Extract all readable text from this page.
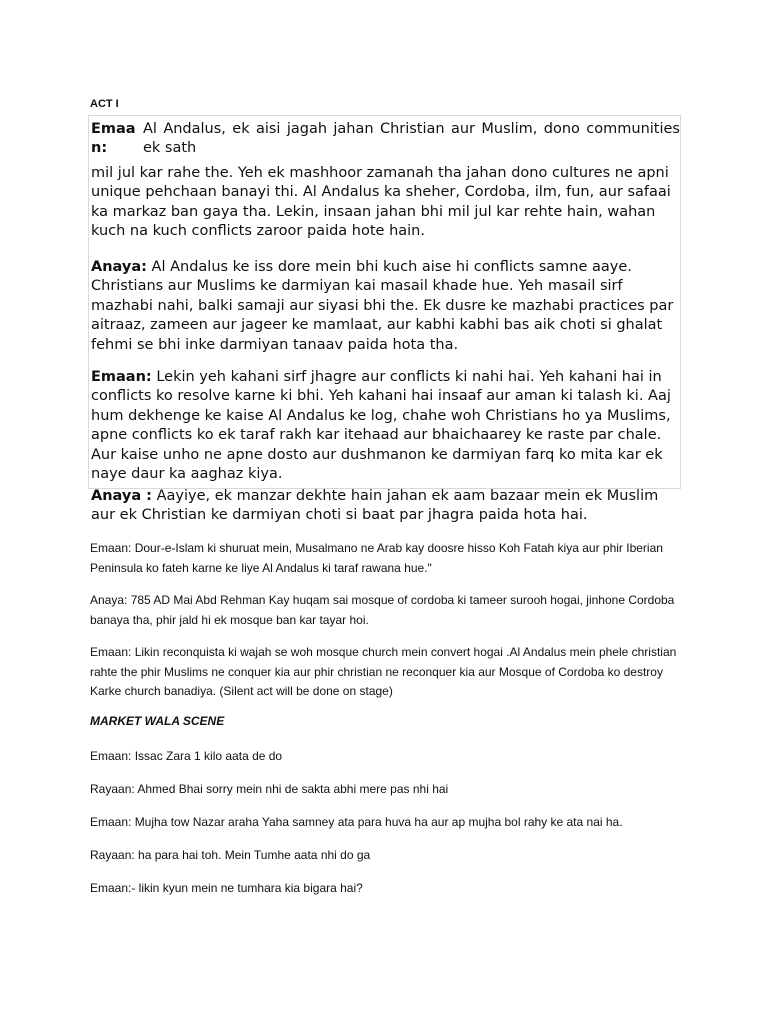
ACT I
Emaa n:
Al Andalus, ek aisi jagah jahan Christian aur Muslim, dono communities ek sath

mil jul kar rahe the. Yeh ek mashhoor zamanah tha jahan dono cultures ne apni unique pehchaan banayi thi. Al Andalus ka sheher, Cordoba, ilm, fun, aur safaai ka markaz ban gaya tha. Lekin, insaan jahan bhi mil jul kar rehte hain, wahan kuch na kuch conflicts zaroor paida hote hain.

Anaya: Al Andalus ke iss dore mein bhi kuch aise hi conflicts samne aaye. Christians aur Muslims ke darmiyan kai masail khade hue. Yeh masail sirf mazhabi nahi, balki samaji aur siyasi bhi the. Ek dusre ke mazhabi practices par aitraaz, zameen aur jageer ke mamlaat, aur kabhi kabhi bas aik choti si ghalat fehmi se bhi inke darmiyan tanaav paida hota tha.

Emaan: Lekin yeh kahani sirf jhagre aur conflicts ki nahi hai. Yeh kahani hai in conflicts ko resolve karne ki bhi. Yeh kahani hai insaaf aur aman ki talash ki. Aaj hum dekhenge ke kaise Al Andalus ke log, chahe woh Christians ho ya Muslims, apne conflicts ko ek taraf rakh kar itehaad aur bhaichaarey ke raste par chale. Aur kaise unho ne apne dosto aur dushmanon ke darmiyan farq ko mita kar ek naye daur ka aaghaz kiya.

Anaya : Aayiye, ek manzar dekhte hain jahan ek aam bazaar mein ek Muslim aur ek Christian ke darmiyan choti si baat par jhagra paida hota hai.

Emaan: Dour-e-Islam ki shuruat mein, Musalmano ne Arab kay doosre hisso Koh Fatah kiya aur phir Iberian Peninsula ko fateh karne ke liye Al Andalus ki taraf rawana hue."

Anaya: 785 AD Mai Abd Rehman Kay huqam sai mosque of cordoba ki tameer surooh hogai, jinhone Cordoba banaya tha, phir jald hi ek mosque ban kar tayar hoi.

Emaan: Likin reconquista ki wajah se woh mosque church mein convert hogai .Al Andalus mein phele christian rahte the phir Muslims ne conquer kia aur phir christian ne reconquer kia aur Mosque of Cordoba ko destroy Karke church banadiya. (Silent act will be done on stage)

MARKET WALA SCENE

Emaan: Issac Zara 1 kilo aata de do

Rayaan: Ahmed Bhai sorry mein nhi de sakta abhi mere pas nhi hai

Emaan: Mujha tow Nazar araha Yaha samney ata para huva ha aur ap mujha bol rahy ke ata nai ha.

Rayaan: ha para hai toh. Mein Tumhe aata nhi do ga

Emaan:- likin kyun mein ne tumhara kia bigara hai?
